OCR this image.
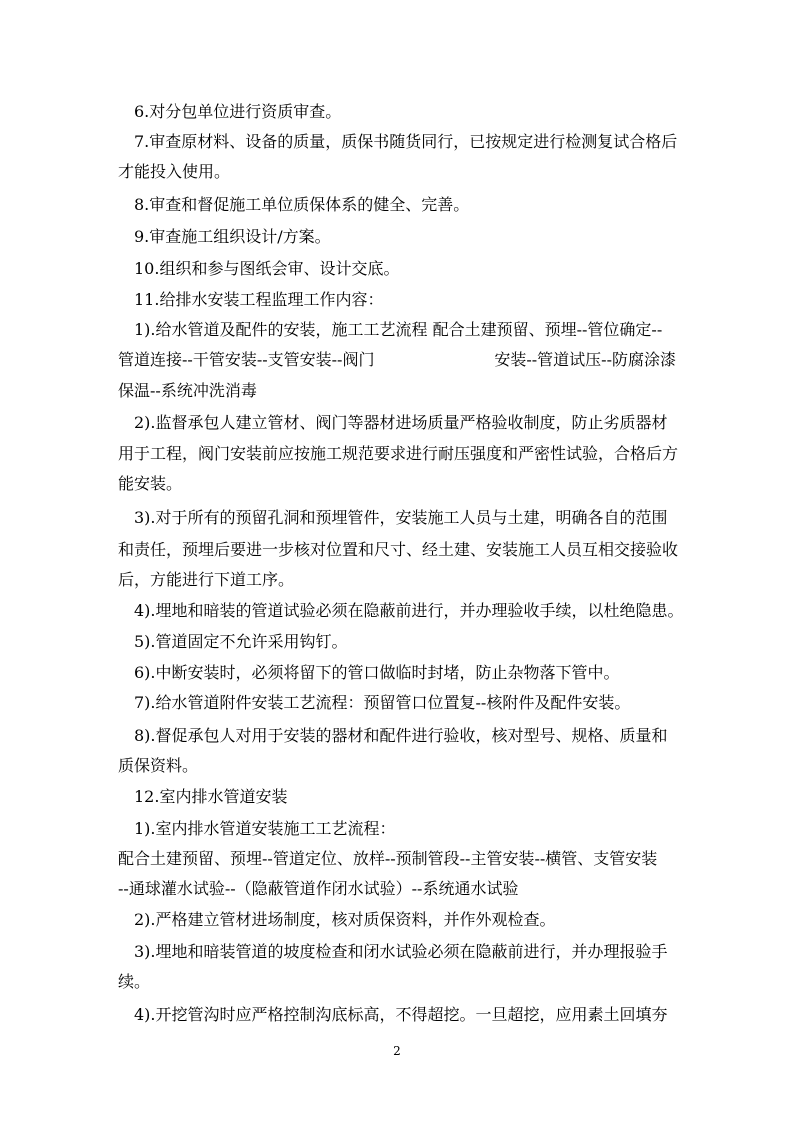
6.对分包单位进行资质审查。
7.审查原材料、设备的质量，质保书随货同行，已按规定进行检测复试合格后
才能投入使用。
8.审查和督促施工单位质保体系的健全、完善。
9.审查施工组织设计/方案。
10.组织和参与图纸会审、设计交底。
11.给排水安装工程监理工作内容：
1).给水管道及配件的安装，施工工艺流程 配合土建预留、预埋--管位确定--
管道连接--干管安装--支管安装--阀门	安装--管道试压--防腐涂漆
保温--系统冲洗消毒
2).监督承包人建立管材、阀门等器材进场质量严格验收制度，防止劣质器材
用于工程，阀门安装前应按施工规范要求进行耐压强度和严密性试验，合格后方
能安装。
3).对于所有的预留孔洞和预埋管件，安装施工人员与土建，明确各自的范围
和责任，预埋后要进一步核对位置和尺寸、经土建、安装施工人员互相交接验收
后，方能进行下道工序。
4).埋地和暗装的管道试验必须在隐蔽前进行，并办理验收手续，以杜绝隐患。
5).管道固定不允许采用钩钉。
6).中断安装时，必须将留下的管口做临时封堵，防止杂物落下管中。
7).给水管道附件安装工艺流程：预留管口位置复--核附件及配件安装。
8).督促承包人对用于安装的器材和配件进行验收，核对型号、规格、质量和
质保资料。
12.室内排水管道安装
1).室内排水管道安装施工工艺流程：
配合土建预留、预埋--管道定位、放样--预制管段--主管安装--横管、支管安装
--通球灌水试验--（隐蔽管道作闭水试验）--系统通水试验
2).严格建立管材进场制度，核对质保资料，并作外观检查。
3).埋地和暗装管道的坡度检查和闭水试验必须在隐蔽前进行，并办理报验手
续。
4).开挖管沟时应严格控制沟底标高，不得超挖。一旦超挖，应用素土回填夯
2
